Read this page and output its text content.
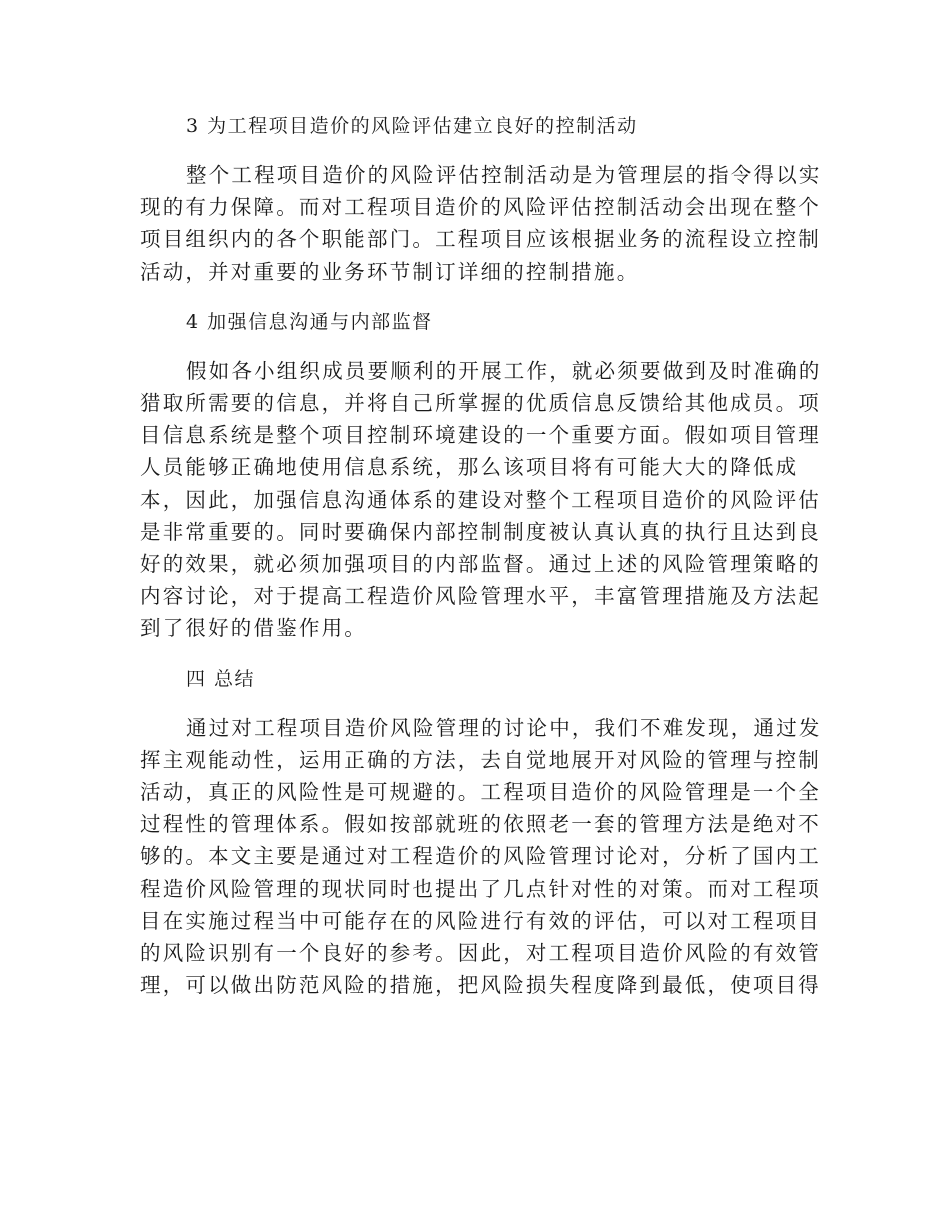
3 为工程项目造价的风险评估建立良好的控制活动

整个工程项目造价的风险评估控制活动是为管理层的指令得以实
现的有力保障。而对工程项目造价的风险评估控制活动会出现在整个
项目组织内的各个职能部门。工程项目应该根据业务的流程设立控制
活动，并对重要的业务环节制订详细的控制措施。

4 加强信息沟通与内部监督

假如各小组织成员要顺利的开展工作，就必须要做到及时准确的
猎取所需要的信息，并将自己所掌握的优质信息反馈给其他成员。项
目信息系统是整个项目控制环境建设的一个重要方面。假如项目管理
人员能够正确地使用信息系统，那么该项目将有可能大大的降低成
本，因此，加强信息沟通体系的建设对整个工程项目造价的风险评估
是非常重要的。同时要确保内部控制制度被认真认真的执行且达到良
好的效果，就必须加强项目的内部监督。通过上述的风险管理策略的
内容讨论，对于提高工程造价风险管理水平，丰富管理措施及方法起
到了很好的借鉴作用。

四 总结

通过对工程项目造价风险管理的讨论中，我们不难发现，通过发
挥主观能动性，运用正确的方法，去自觉地展开对风险的管理与控制
活动，真正的风险性是可规避的。工程项目造价的风险管理是一个全
过程性的管理体系。假如按部就班的依照老一套的管理方法是绝对不
够的。本文主要是通过对工程造价的风险管理讨论对，分析了国内工
程造价风险管理的现状同时也提出了几点针对性的对策。而对工程项
目在实施过程当中可能存在的风险进行有效的评估，可以对工程项目
的风险识别有一个良好的参考。因此，对工程项目造价风险的有效管
理，可以做出防范风险的措施，把风险损失程度降到最低，使项目得
